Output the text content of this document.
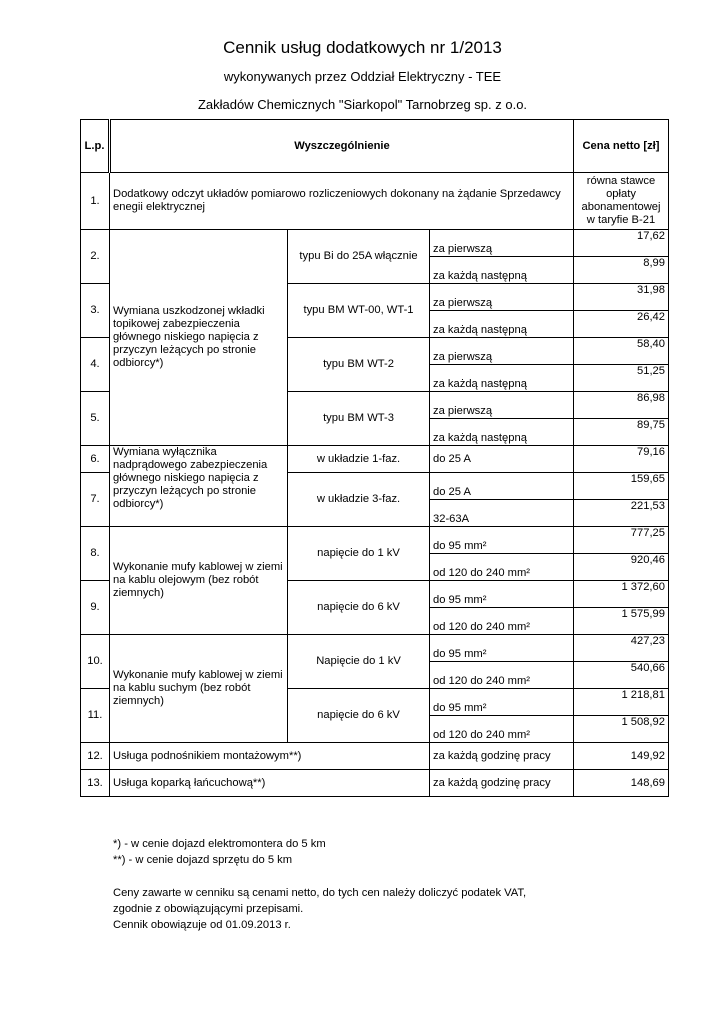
Cennik usług dodatkowych nr 1/2013
wykonywanych przez Oddział Elektryczny - TEE
Zakładów Chemicznych "Siarkopol" Tarnobrzeg sp. z o.o.
L.p.	Wyszczególnienie			Cena netto [zł]
1.	Dodatkowy odczyt układów pomiarowo rozliczeniowych dokonany na żądanie Sprzedawcy enegii elektrycznej			równa stawce opłaty abonamentowej w taryfie B-21
2.	Wymiana uszkodzonej wkładki topikowej zabezpieczenia głównego niskiego napięcia z przyczyn leżących po stronie odbiorcy*)	typu Bi do 25A włącznie	za pierwszą	17,62
			za każdą następną	8,99
3.		typu BM WT-00, WT-1	za pierwszą	31,98
			za każdą następną	26,42
4.		typu BM WT-2	za pierwszą	58,40
			za każdą następną	51,25
5.		typu BM WT-3	za pierwszą	86,98
			za każdą następną	89,75
6.	Wymiana wyłącznika nadprądowego zabezpieczenia głównego niskiego napięcia z przyczyn leżących po stronie odbiorcy*)	w układzie 1-faz.	do 25 A	79,16
7.		w układzie 3-faz.	do 25 A	159,65
			32-63A	221,53
8.	Wykonanie mufy kablowej w ziemi na kablu olejowym (bez robót ziemnych)	napięcie do 1 kV	do 95 mm²	777,25
			od 120 do 240 mm²	920,46
9.		napięcie do 6 kV	do 95 mm²	1 372,60
			od 120 do 240 mm²	1 575,99
10.	Wykonanie mufy kablowej w ziemi na kablu suchym (bez robót ziemnych)	Napięcie do 1 kV	do 95 mm²	427,23
			od 120 do 240 mm²	540,66
11.		napięcie do 6 kV	do 95 mm²	1 218,81
			od 120 do 240 mm²	1 508,92
12.	Usługa podnośnikiem montażowym**)		za każdą godzinę pracy	149,92
13.	Usługa koparką łańcuchową**)		za każdą godzinę pracy	148,69
*) - w cenie dojazd elektromontera do 5 km
**) - w cenie dojazd sprzętu do 5 km
Ceny zawarte w cenniku są cenami netto, do tych cen należy doliczyć podatek VAT,
zgodnie z obowiązującymi przepisami.
Cennik obowiązuje od 01.09.2013 r.
